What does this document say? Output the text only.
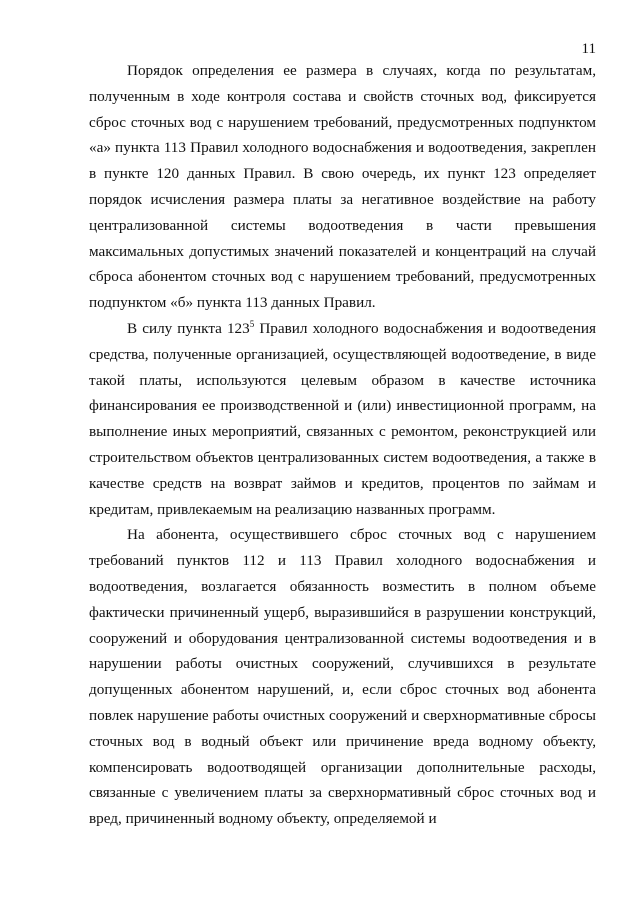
11

Порядок определения ее размера в случаях, когда по результатам, полученным в ходе контроля состава и свойств сточных вод, фиксируется сброс сточных вод с нарушением требований, предусмотренных подпунктом «а» пункта 113 Правил холодного водоснабжения и водоотведения, закреплен в пункте 120 данных Правил. В свою очередь, их пункт 123 определяет порядок исчисления размера платы за негативное воздействие на работу централизованной системы водоотведения в части превышения максимальных допустимых значений показателей и концентраций на случай сброса абонентом сточных вод с нарушением требований, предусмотренных подпунктом «б» пункта 113 данных Правил.

В силу пункта $123^5$ Правил холодного водоснабжения и водоотведения средства, полученные организацией, осуществляющей водоотведение, в виде такой платы, используются целевым образом в качестве источника финансирования ее производственной и (или) инвестиционной программ, на выполнение иных мероприятий, связанных с ремонтом, реконструкцией или строительством объектов централизованных систем водоотведения, а также в качестве средств на возврат займов и кредитов, процентов по займам и кредитам, привлекаемым на реализацию названных программ.

На абонента, осуществившего сброс сточных вод с нарушением требований пунктов 112 и 113 Правил холодного водоснабжения и водоотведения, возлагается обязанность возместить в полном объеме фактически причиненный ущерб, выразившийся в разрушении конструкций, сооружений и оборудования централизованной системы водоотведения и в нарушении работы очистных сооружений, случившихся в результате допущенных абонентом нарушений, и, если сброс сточных вод абонента повлек нарушение работы очистных сооружений и сверхнормативные сбросы сточных вод в водный объект или причинение вреда водному объекту, компенсировать водоотводящей организации дополнительные расходы, связанные с увеличением платы за сверхнормативный сброс сточных вод и вред, причиненный водному объекту, определяемой и
